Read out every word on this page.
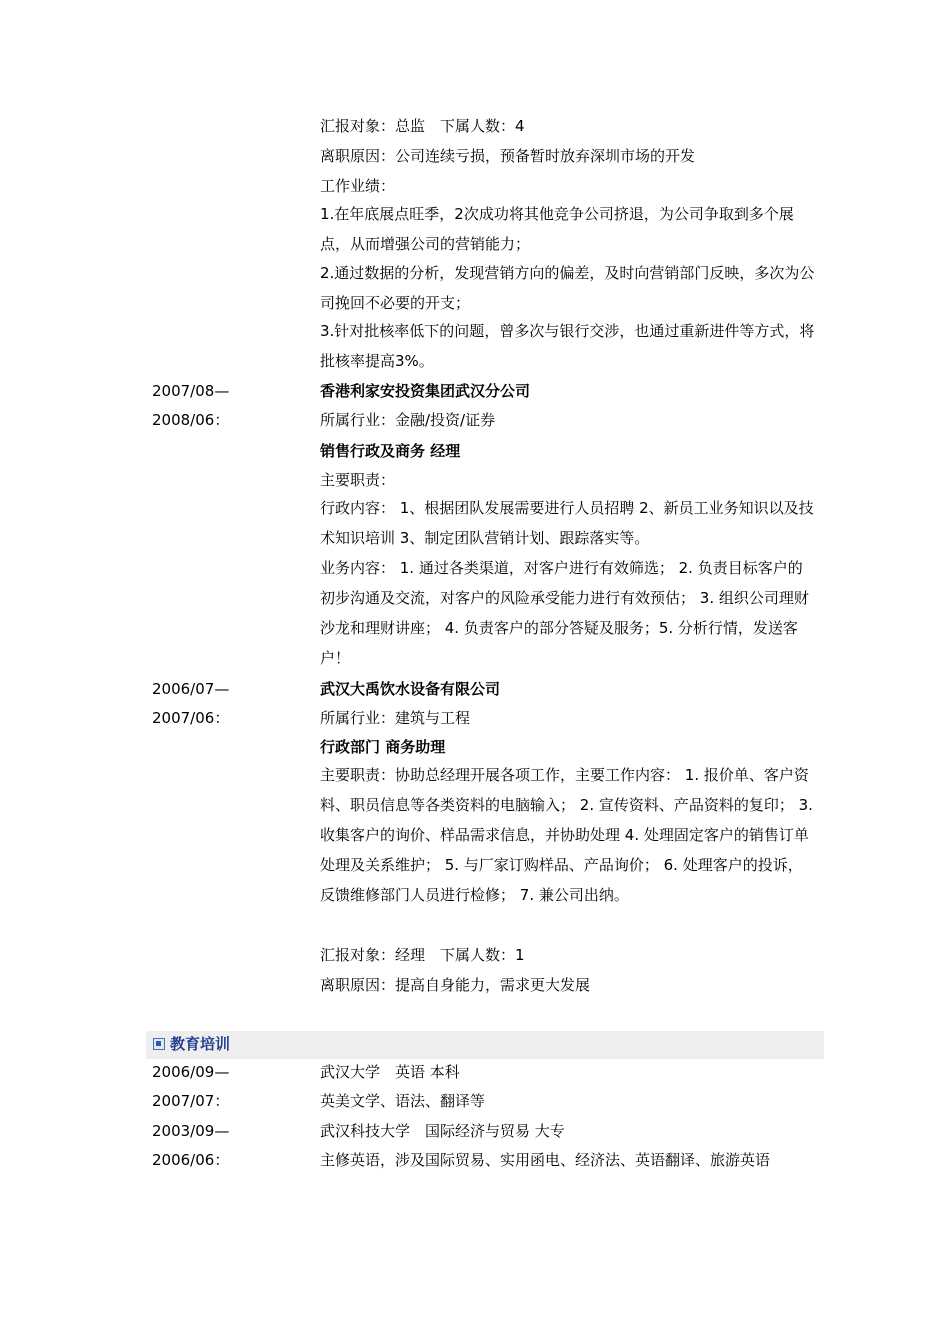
汇报对象：总监　下属人数：4
离职原因：公司连续亏损，预备暂时放弃深圳市场的开发
工作业绩：
1.在年底展点旺季，2次成功将其他竞争公司挤退，为公司争取到多个展点，从而增强公司的营销能力；
2.通过数据的分析，发现营销方向的偏差，及时向营销部门反映，多次为公司挽回不必要的开支；
3.针对批核率低下的问题，曾多次与银行交涉，也通过重新进件等方式，将批核率提高3%。
2007/08—	香港利家安投资集团武汉分公司
2008/06：	所属行业：金融/投资/证券
销售行政及商务 经理
主要职责：
行政内容： 1、根据团队发展需要进行人员招聘 2、新员工业务知识以及技术知识培训 3、制定团队营销计划、跟踪落实等。
业务内容： 1. 通过各类渠道，对客户进行有效筛选； 2. 负责目标客户的初步沟通及交流，对客户的风险承受能力进行有效预估； 3. 组织公司理财沙龙和理财讲座； 4. 负责客户的部分答疑及服务；5. 分析行情，发送客户！
2006/07—	武汉大禹饮水设备有限公司
2007/06：	所属行业：建筑与工程
行政部门 商务助理
主要职责：协助总经理开展各项工作，主要工作内容： 1. 报价单、客户资料、职员信息等各类资料的电脑输入； 2. 宣传资料、产品资料的复印； 3. 收集客户的询价、样品需求信息，并协助处理 4. 处理固定客户的销售订单处理及关系维护； 5. 与厂家订购样品、产品询价； 6. 处理客户的投诉，反馈维修部门人员进行检修； 7. 兼公司出纳。
汇报对象：经理　下属人数：1
离职原因：提高自身能力，需求更大发展
教育培训
2006/09—	武汉大学　英语 本科
2007/07：	英美文学、语法、翻译等
2003/09—	武汉科技大学　国际经济与贸易 大专
2006/06：	主修英语，涉及国际贸易、实用函电、经济法、英语翻译、旅游英语
